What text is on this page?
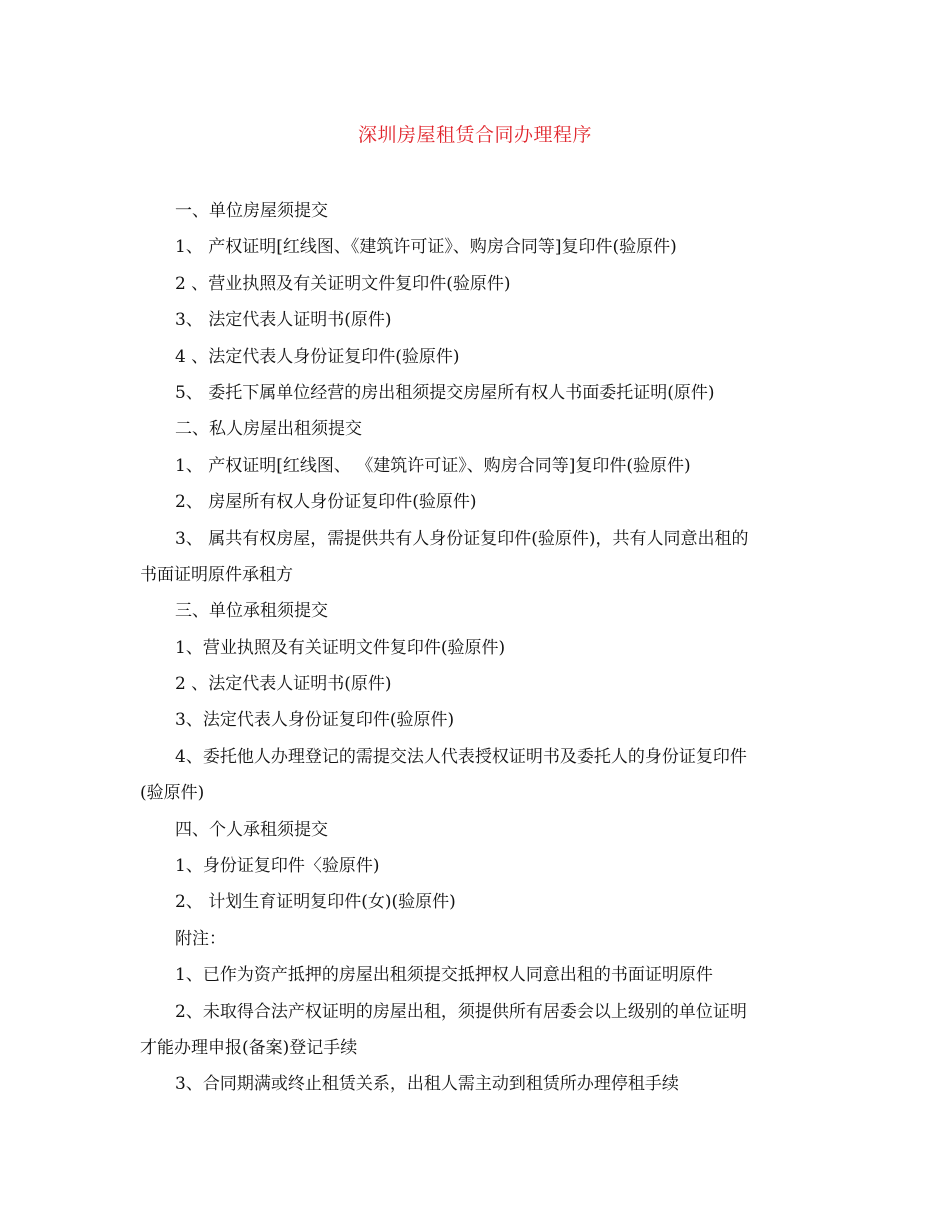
深圳房屋租赁合同办理程序
一、单位房屋须提交
1、 产权证明[红线图、《建筑许可证》、购房合同等]复印件(验原件)
2 、营业执照及有关证明文件复印件(验原件)
3、 法定代表人证明书(原件)
4 、法定代表人身份证复印件(验原件)
5、 委托下属单位经营的房出租须提交房屋所有权人书面委托证明(原件)
二、私人房屋出租须提交
1、 产权证明[红线图、 《建筑许可证》、购房合同等]复印件(验原件)
2、 房屋所有权人身份证复印件(验原件)
3、 属共有权房屋，需提供共有人身份证复印件(验原件)，共有人同意出租的
书面证明原件承租方
三、单位承租须提交
1、营业执照及有关证明文件复印件(验原件)
2 、法定代表人证明书(原件)
3、法定代表人身份证复印件(验原件)
4、委托他人办理登记的需提交法人代表授权证明书及委托人的身份证复印件
(验原件)
四、个人承租须提交
1、身份证复印件〈验原件)
2、 计划生育证明复印件(女)(验原件)
附注：
1、已作为资产抵押的房屋出租须提交抵押权人同意出租的书面证明原件
2、未取得合法产权证明的房屋出租，须提供所有居委会以上级别的单位证明
才能办理申报(备案)登记手续
3、合同期满或终止租赁关系，出租人需主动到租赁所办理停租手续
